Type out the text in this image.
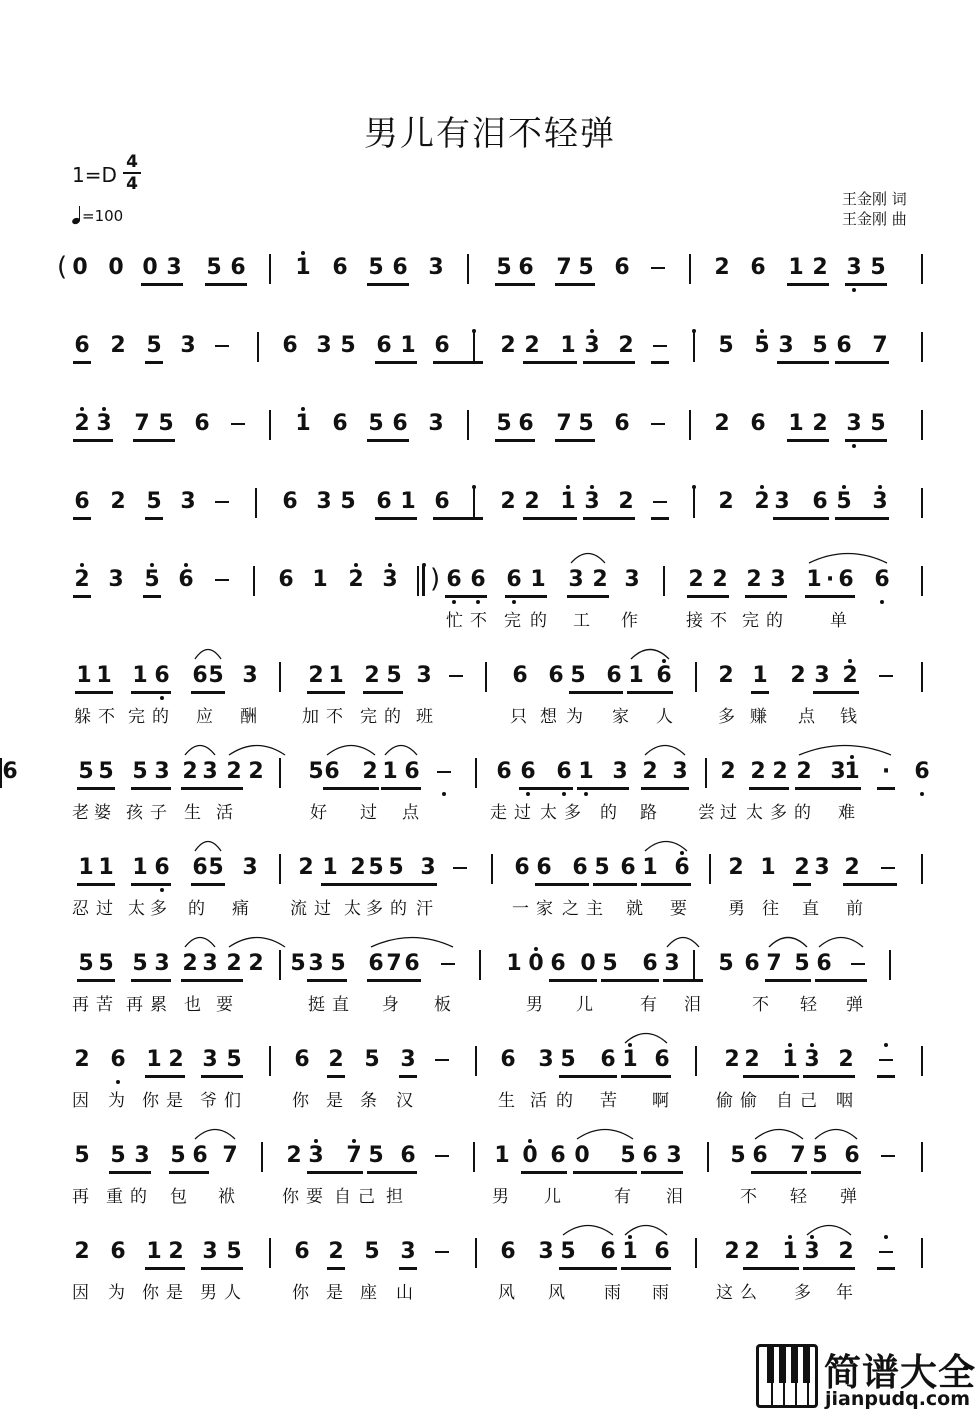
男儿有泪不轻弹
1=D
4
4
=100
王金刚 词
王金刚 曲
0 0 0 3 5 6 1 6 5 6 3 5 6 7 5 6	2 6 1 2 3 5
(
6 2 5 3	6 3 5 6 1 6 2 2 1 3 2	5 5 3 5 6 7
2 3 7 5 6	1 6 5 6 3 5 6 7 5 6	2 6 1 2 3 5
6 2 5 3	6 3 5 6 1 6 2 2 1 3 2	2 2 3 6 5 3
2 3 5 6	6 1 2 3 ) 6 6 6 1 3 2 3 2 2 2 3 1 · 6 6
忙 不 完 的 工 作	接 不 完 的	单
1 1 1 6 6 5 3 2 1 2 5 3	6 6 5 6 1 6 2 1 2 3 2
躲 不 完 的 应 酬	加 不 完 的 班	只 想 为 家 人	多 赚 点 钱
5 5 5 3 2 3 2 2 5 6 2 1 6	6 6 6 1 3 2 3 2 2 2 2 3
1 · 6
6
老 婆 孩 子 生 活	好 过 点	走 过 太 多 的 路 尝 过 太 多 的 难
1 1 1 6 6 5 3 2 1 2 5 5 3	6 6 6 5 6 1 6 2 1 2 3 2
忍 过 太 多 的 痛 流 过 太 多 的 汗	一 家 之 主 就 要 勇 往 直 前
5 5 5 3 2 3 2 2 5 3 5 6 7 6	1 0 6 0 5 6 3 5 6 7 5 6
再 苦 再 累 也 要	挺 直 身 板	男 儿	有 泪	不 轻 弹
2 6 1 2 3 5 6 2 5 3	6 3 5 6 1 6 2 2 1 3 2
因 为 你 是 爷 们	你 是 条 汉	生 活 的 苦 啊	偷 偷 自 己 咽
5 5 3 5 6 7 2 3 7 5 6	1 0 6 0 5 6 3 5 6 7 5 6
再 重 的 包 袱	你 要 自 己 担	男 儿	有 泪	不 轻 弹
2 6 1 2 3 5 6 2 5 3	6 3 5 6 1 6 2 2 1 3 2
因 为 你 是 男 人	你 是 座 山	风 风 雨 雨	这 么 多 年
简谱大全
jianpudq.com
